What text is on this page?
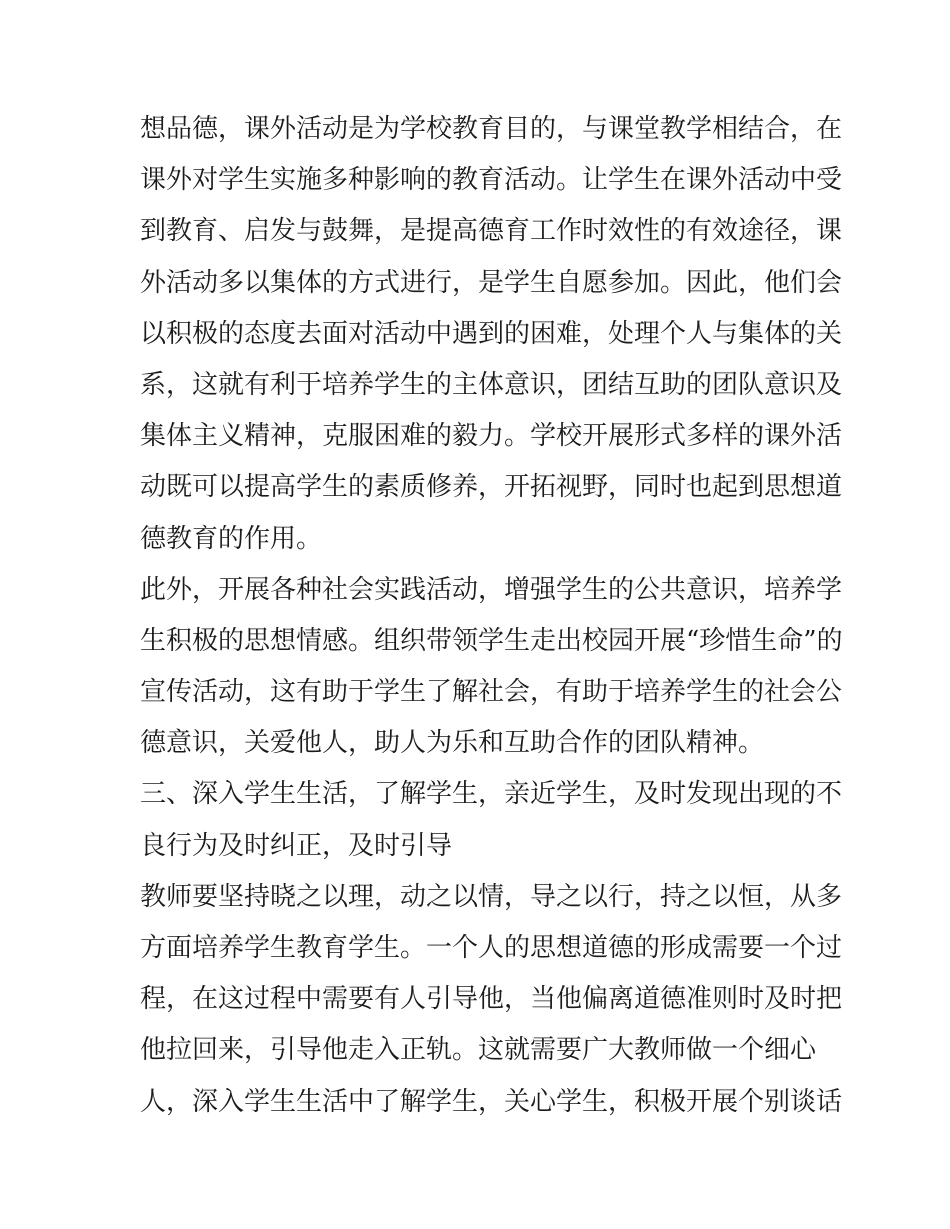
想品德，课外活动是为学校教育目的，与课堂教学相结合，在
课外对学生实施多种影响的教育活动。让学生在课外活动中受
到教育、启发与鼓舞，是提高德育工作时效性的有效途径，课
外活动多以集体的方式进行，是学生自愿参加。因此，他们会
以积极的态度去面对活动中遇到的困难，处理个人与集体的关
系，这就有利于培养学生的主体意识，团结互助的团队意识及
集体主义精神，克服困难的毅力。学校开展形式多样的课外活
动既可以提高学生的素质修养，开拓视野，同时也起到思想道
德教育的作用。
此外，开展各种社会实践活动，增强学生的公共意识，培养学
生积极的思想情感。组织带领学生走出校园开展“珍惜生命”的
宣传活动，这有助于学生了解社会，有助于培养学生的社会公
德意识，关爱他人，助人为乐和互助合作的团队精神。
三、深入学生生活，了解学生，亲近学生，及时发现出现的不
良行为及时纠正，及时引导
教师要坚持晓之以理，动之以情，导之以行，持之以恒，从多
方面培养学生教育学生。一个人的思想道德的形成需要一个过
程，在这过程中需要有人引导他，当他偏离道德准则时及时把
他拉回来，引导他走入正轨。这就需要广大教师做一个细心
人，深入学生生活中了解学生，关心学生，积极开展个别谈话
